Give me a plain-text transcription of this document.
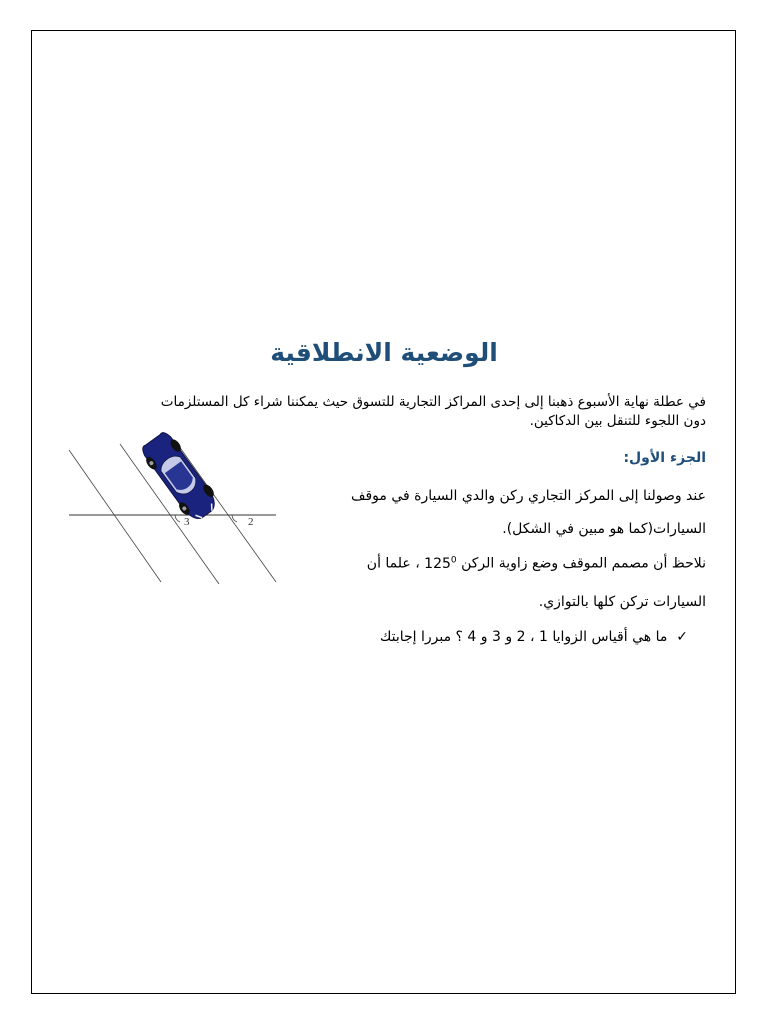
الوضعية الانطلاقية
في عطلة نهاية الأسبوع ذهبنا إلى إحدى المراكز التجارية للتسوق حيث يمكننا شراء كل المستلزمات
دون اللجوء للتنقل بين الدكاكين.
الجزء الأول:
عند وصولنا إلى المركز التجاري ركن والدي السيارة في موقف
السيارات(كما هو مبين في الشكل).
نلاحظ أن مصمم الموقف وضع زاوية الركن $125^0$ ، علما أن
السيارات تركن كلها بالتوازي.
✓  ما هي أقياس الزوايا 1 ، 2 و 3 و 4 ؟ مبررا إجابتك
3	2
